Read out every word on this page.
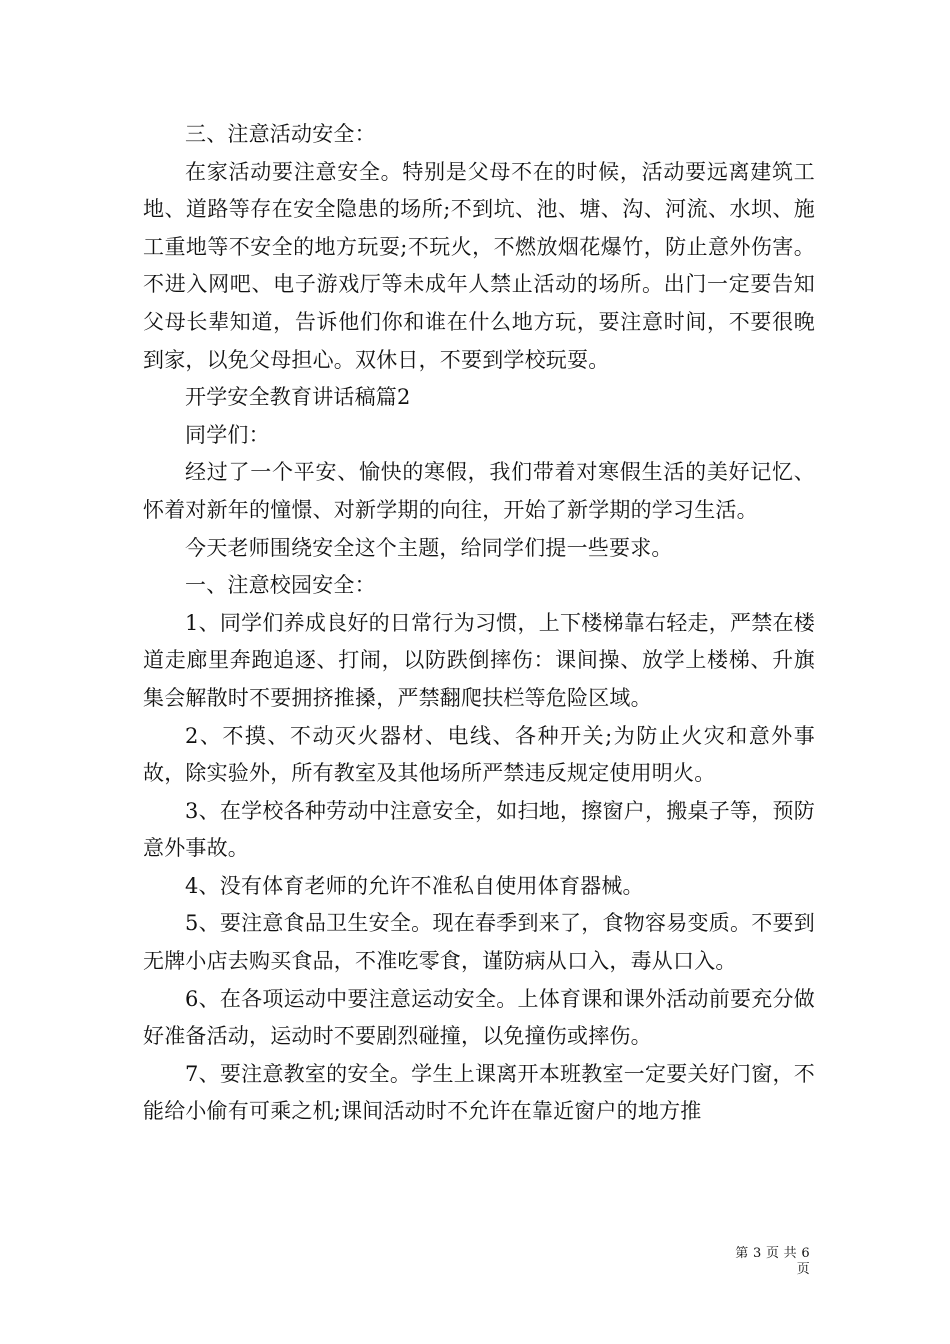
三、注意活动安全：

在家活动要注意安全。特别是父母不在的时候，活动要远离建筑工地、道路等存在安全隐患的场所;不到坑、池、塘、沟、河流、水坝、施工重地等不安全的地方玩耍;不玩火，不燃放烟花爆竹，防止意外伤害。不进入网吧、电子游戏厅等未成年人禁止活动的场所。出门一定要告知父母长辈知道，告诉他们你和谁在什么地方玩，要注意时间，不要很晚到家，以免父母担心。双休日，不要到学校玩耍。

开学安全教育讲话稿篇2

同学们：

经过了一个平安、愉快的寒假，我们带着对寒假生活的美好记忆、怀着对新年的憧憬、对新学期的向往，开始了新学期的学习生活。

今天老师围绕安全这个主题，给同学们提一些要求。

一、注意校园安全：

1、同学们养成良好的日常行为习惯，上下楼梯靠右轻走，严禁在楼道走廊里奔跑追逐、打闹，以防跌倒摔伤：课间操、放学上楼梯、升旗集会解散时不要拥挤推搡，严禁翻爬扶栏等危险区域。

2、不摸、不动灭火器材、电线、各种开关;为防止火灾和意外事故，除实验外，所有教室及其他场所严禁违反规定使用明火。

3、在学校各种劳动中注意安全，如扫地，擦窗户，搬桌子等，预防意外事故。

4、没有体育老师的允许不准私自使用体育器械。

5、要注意食品卫生安全。现在春季到来了，食物容易变质。不要到无牌小店去购买食品，不准吃零食，谨防病从口入，毒从口入。

6、在各项运动中要注意运动安全。上体育课和课外活动前要充分做好准备活动，运动时不要剧烈碰撞，以免撞伤或摔伤。

7、要注意教室的安全。学生上课离开本班教室一定要关好门窗，不能给小偷有可乘之机;课间活动时不允许在靠近窗户的地方推

第 3 页 共 6 页
